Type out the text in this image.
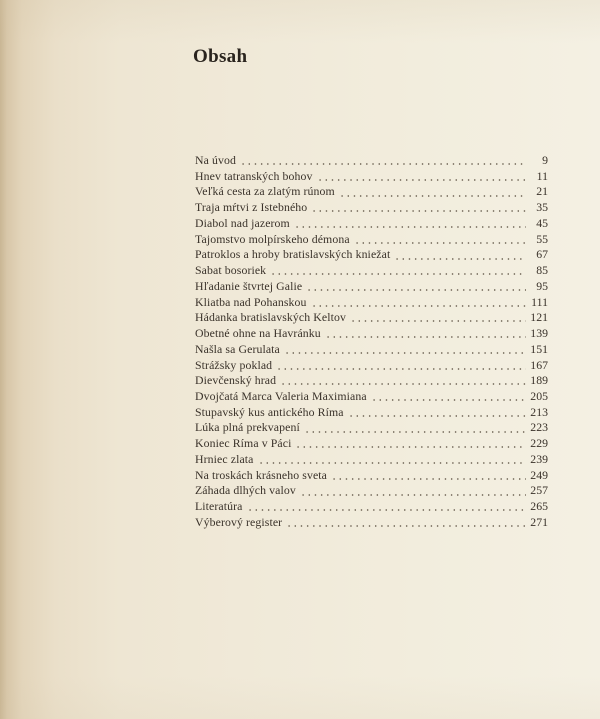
Obsah
Na úvod	9
Hnev tatranských bohov	11
Veľká cesta za zlatým rúnom	21
Traja mŕtvi z Istebného	35
Diabol nad jazerom	45
Tajomstvo molpírskeho démona	55
Patroklos a hroby bratislavských kniežat	67
Sabat bosoriek	85
Hľadanie štvrtej Galie	95
Kliatba nad Pohanskou	111
Hádanka bratislavských Keltov	121
Obetné ohne na Havránku	139
Našla sa Gerulata	151
Strážsky poklad	167
Dievčenský hrad	189
Dvojčatá Marca Valeria Maximiana	205
Stupavský kus antického Ríma	213
Lúka plná prekvapení	223
Koniec Ríma v Páci	229
Hrniec zlata	239
Na troskách krásneho sveta	249
Záhada dlhých valov	257
Literatúra	265
Výberový register	271
